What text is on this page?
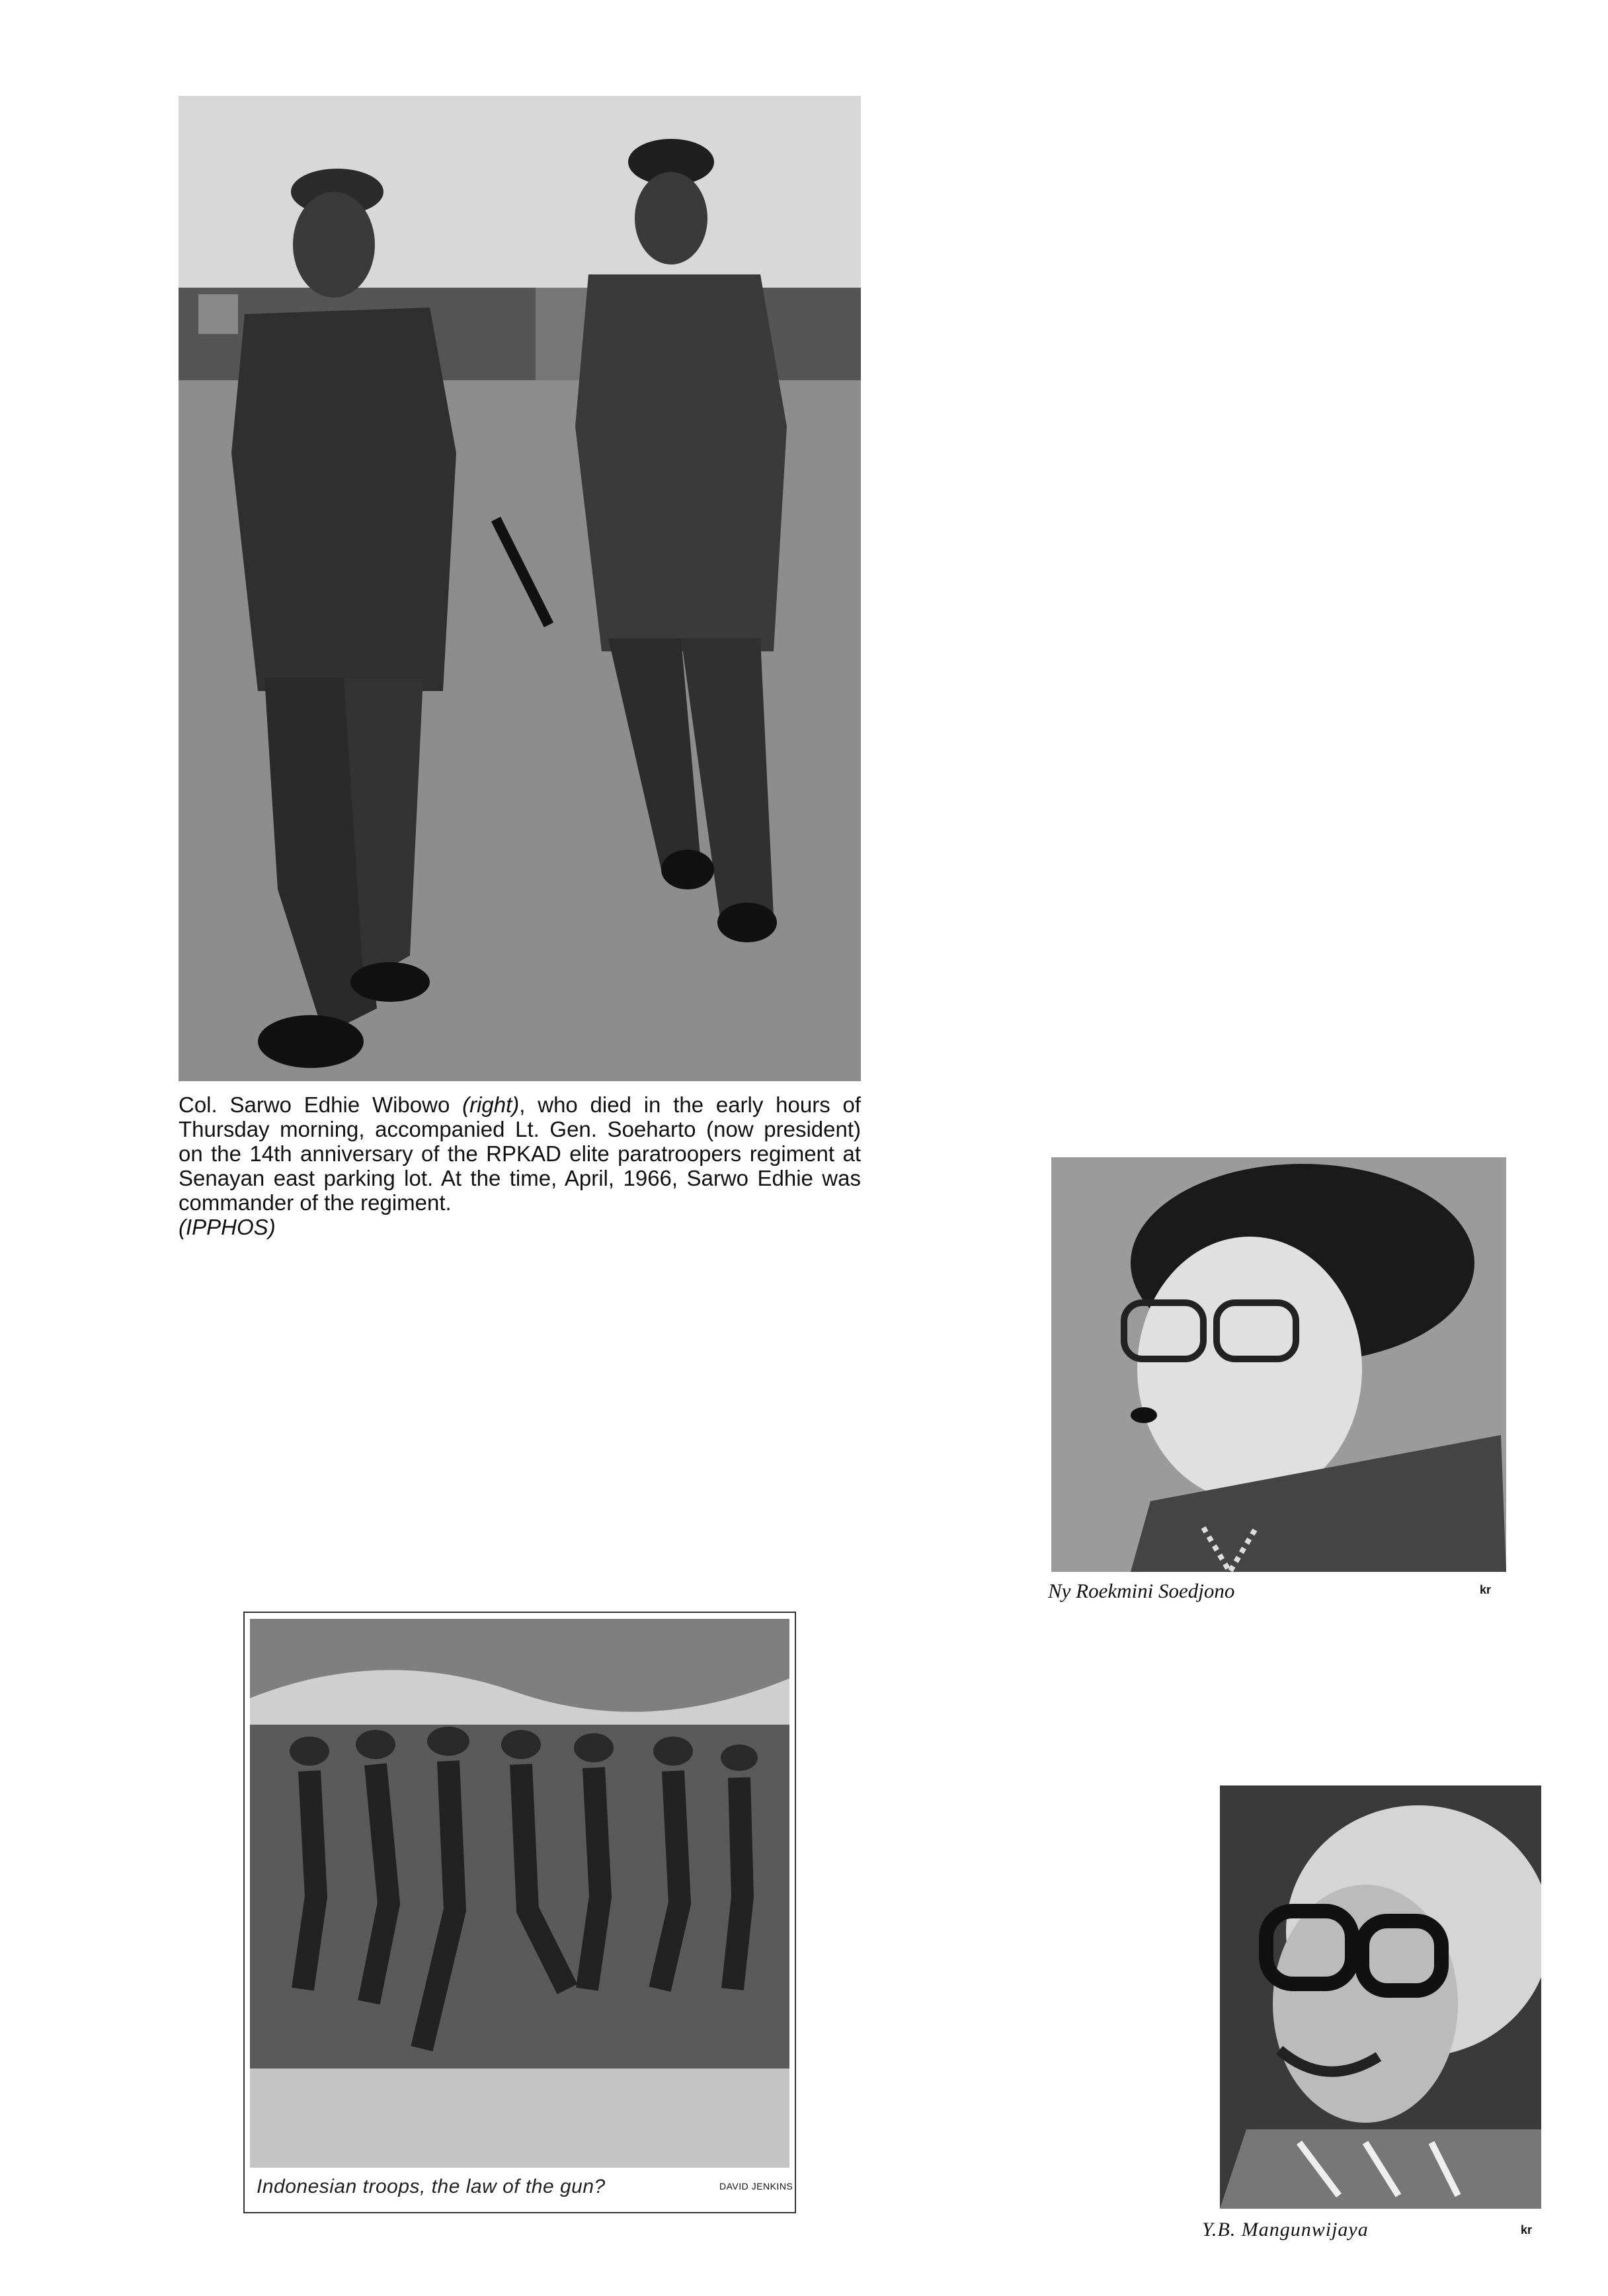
Col. Sarwo Edhie Wibowo (right), who died in the early hours of Thursday morning, accompanied Lt. Gen. Soeharto (now president) on the 14th anniversary of the RPKAD elite paratroopers regiment at Senayan east parking lot. At the time, April, 1966, Sarwo Edhie was commander of the regiment.
(IPPHOS)
Ny Roekmini Soedjono	kr
Indonesian troops, the law of the gun?	DAVID JENKINS
Y.B. Mangunwijaya	kr
